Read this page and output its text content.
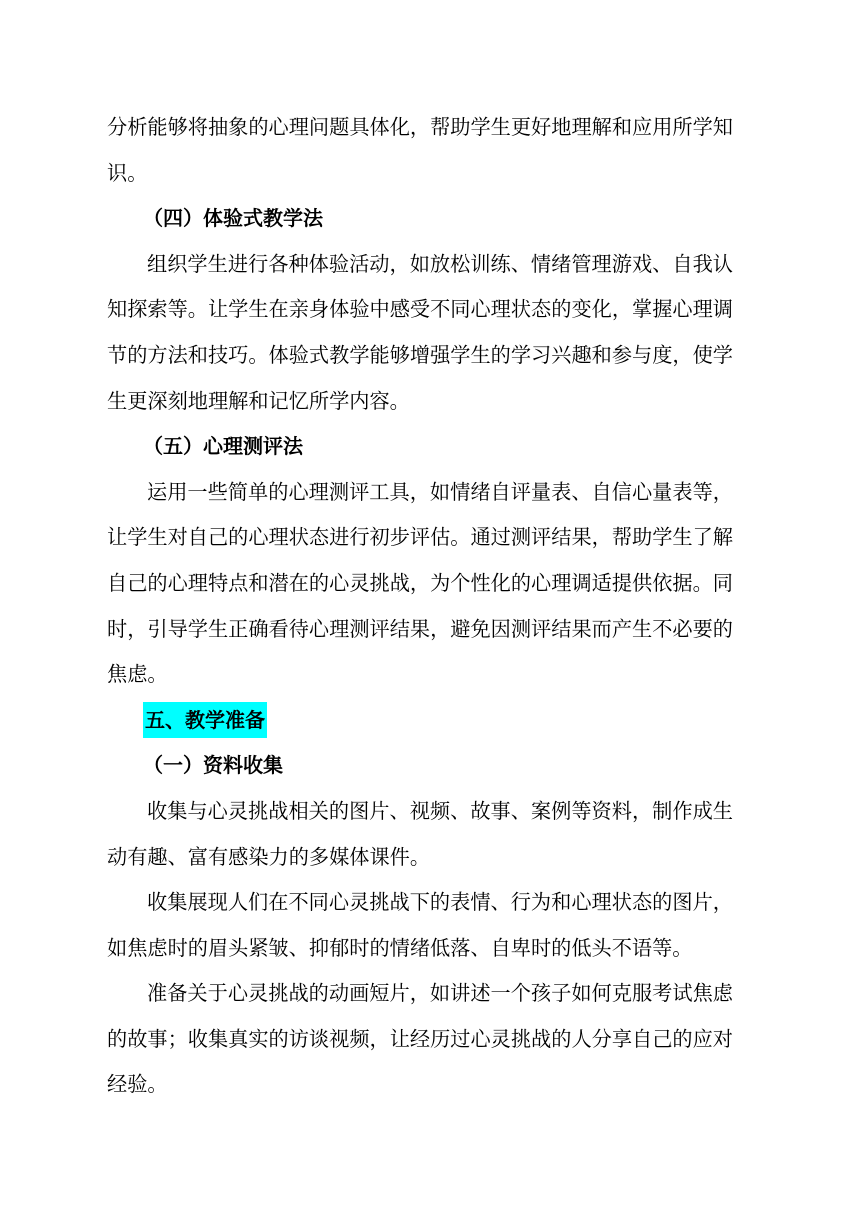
分析能够将抽象的心理问题具体化，帮助学生更好地理解和应用所学知识。

（四）体验式教学法

组织学生进行各种体验活动，如放松训练、情绪管理游戏、自我认知探索等。让学生在亲身体验中感受不同心理状态的变化，掌握心理调节的方法和技巧。体验式教学能够增强学生的学习兴趣和参与度，使学生更深刻地理解和记忆所学内容。

（五）心理测评法

运用一些简单的心理测评工具，如情绪自评量表、自信心量表等，让学生对自己的心理状态进行初步评估。通过测评结果，帮助学生了解自己的心理特点和潜在的心灵挑战，为个性化的心理调适提供依据。同时，引导学生正确看待心理测评结果，避免因测评结果而产生不必要的焦虑。

五、教学准备

（一）资料收集

收集与心灵挑战相关的图片、视频、故事、案例等资料，制作成生动有趣、富有感染力的多媒体课件。

收集展现人们在不同心灵挑战下的表情、行为和心理状态的图片，如焦虑时的眉头紧皱、抑郁时的情绪低落、自卑时的低头不语等。

准备关于心灵挑战的动画短片，如讲述一个孩子如何克服考试焦虑的故事；收集真实的访谈视频，让经历过心灵挑战的人分享自己的应对经验。
